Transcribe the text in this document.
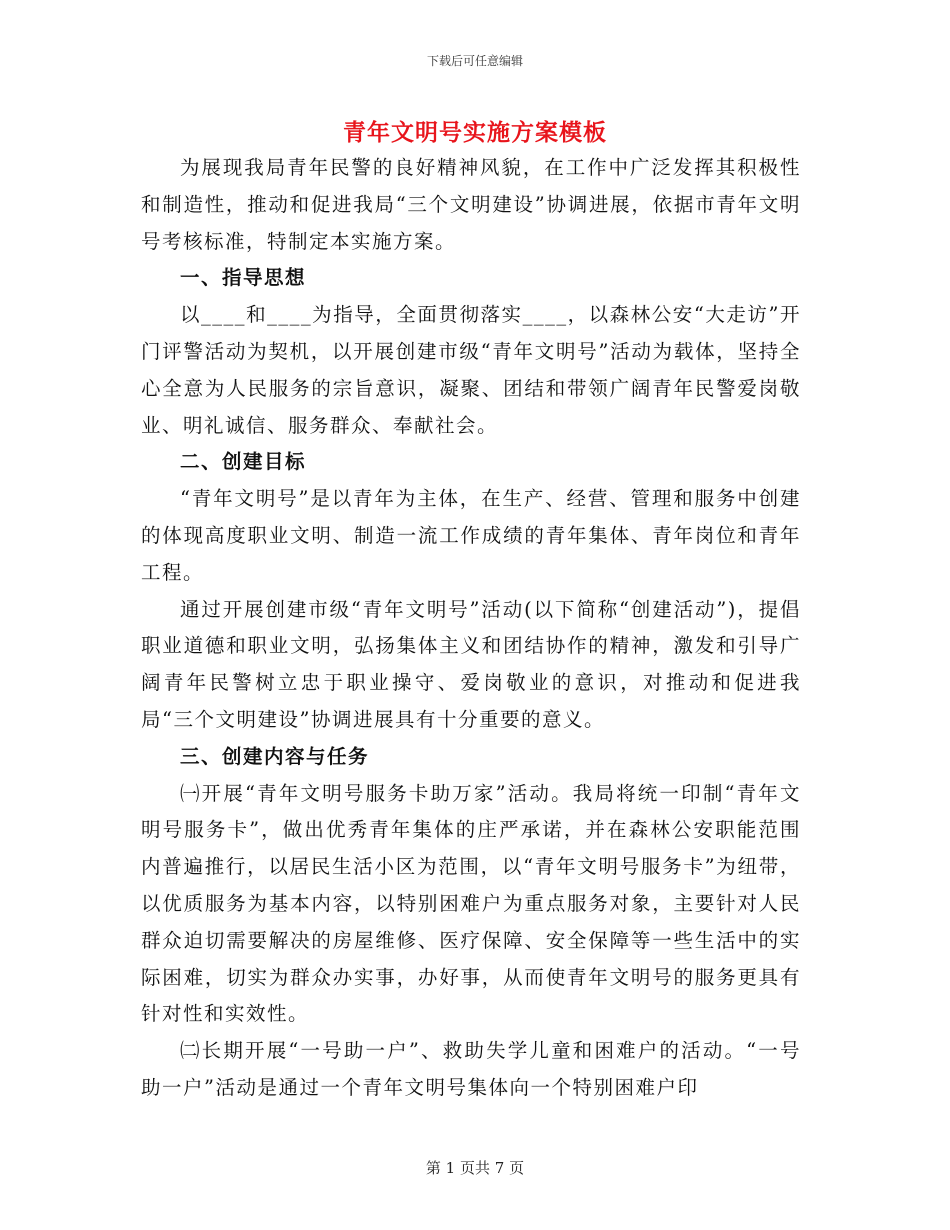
下载后可任意编辑
青年文明号实施方案模板

为展现我局青年民警的良好精神风貌，在工作中广泛发挥其积极性和制造性，推动和促进我局“三个文明建设”协调进展，依据市青年文明号考核标准，特制定本实施方案。

一、指导思想

以____和____为指导，全面贯彻落实____，以森林公安“大走访”开门评警活动为契机，以开展创建市级“青年文明号”活动为载体，坚持全心全意为人民服务的宗旨意识，凝聚、团结和带领广阔青年民警爱岗敬业、明礼诚信、服务群众、奉献社会。

二、创建目标

“青年文明号”是以青年为主体，在生产、经营、管理和服务中创建的体现高度职业文明、制造一流工作成绩的青年集体、青年岗位和青年工程。

通过开展创建市级“青年文明号”活动(以下简称“创建活动”)，提倡职业道德和职业文明，弘扬集体主义和团结协作的精神，激发和引导广阔青年民警树立忠于职业操守、爱岗敬业的意识，对推动和促进我局“三个文明建设”协调进展具有十分重要的意义。

三、创建内容与任务

㈠开展“青年文明号服务卡助万家”活动。我局将统一印制“青年文明号服务卡”，做出优秀青年集体的庄严承诺，并在森林公安职能范围内普遍推行，以居民生活小区为范围，以“青年文明号服务卡”为纽带，以优质服务为基本内容，以特别困难户为重点服务对象，主要针对人民群众迫切需要解决的房屋维修、医疗保障、安全保障等一些生活中的实际困难，切实为群众办实事，办好事，从而使青年文明号的服务更具有针对性和实效性。

㈡长期开展“一号助一户”、救助失学儿童和困难户的活动。“一号助一户”活动是通过一个青年文明号集体向一个特别困难户印

第 1 页共 7 页
